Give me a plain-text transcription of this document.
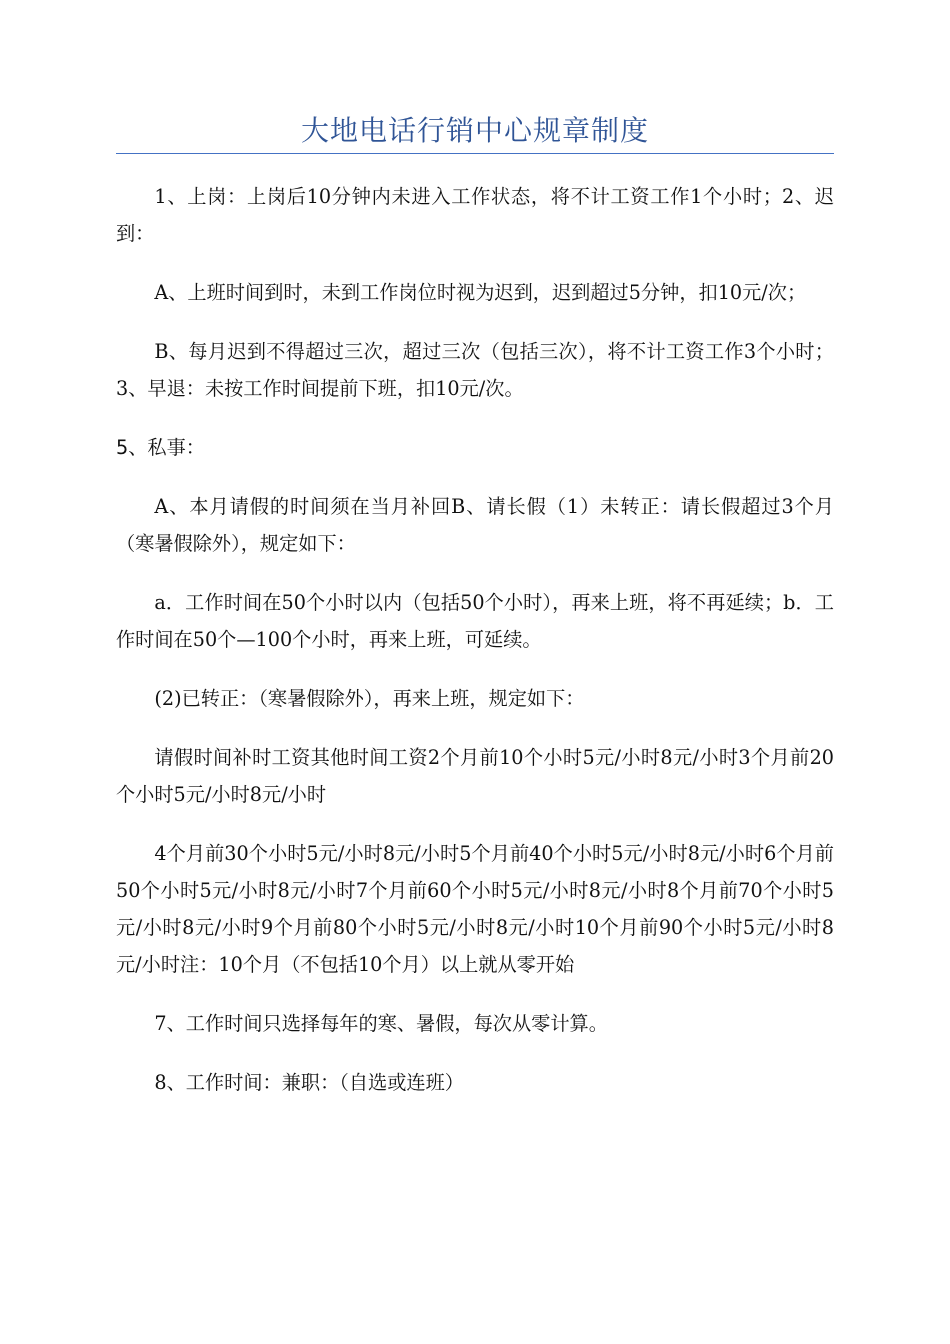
大地电话行销中心规章制度

1、上岗：上岗后10分钟内未进入工作状态，将不计工资工作1个小时；2、迟到：

A、上班时间到时，未到工作岗位时视为迟到，迟到超过5分钟，扣10元/次；

B、每月迟到不得超过三次，超过三次（包括三次），将不计工资工作3个小时；3、早退：未按工作时间提前下班，扣10元/次。

5、私事：

A、本月请假的时间须在当月补回B、请长假（1）未转正：请长假超过3个月（寒暑假除外），规定如下：

a．工作时间在50个小时以内（包括50个小时），再来上班，将不再延续；b．工作时间在50个—100个小时，再来上班，可延续。

(2)已转正：（寒暑假除外），再来上班，规定如下：

请假时间补时工资其他时间工资2个月前10个小时5元/小时8元/小时3个月前20个小时5元/小时8元/小时

4个月前30个小时5元/小时8元/小时5个月前40个小时5元/小时8元/小时6个月前50个小时5元/小时8元/小时7个月前60个小时5元/小时8元/小时8个月前70个小时5元/小时8元/小时9个月前80个小时5元/小时8元/小时10个月前90个小时5元/小时8元/小时注：10个月（不包括10个月）以上就从零开始

7、工作时间只选择每年的寒、暑假，每次从零计算。

8、工作时间：兼职：（自选或连班）
